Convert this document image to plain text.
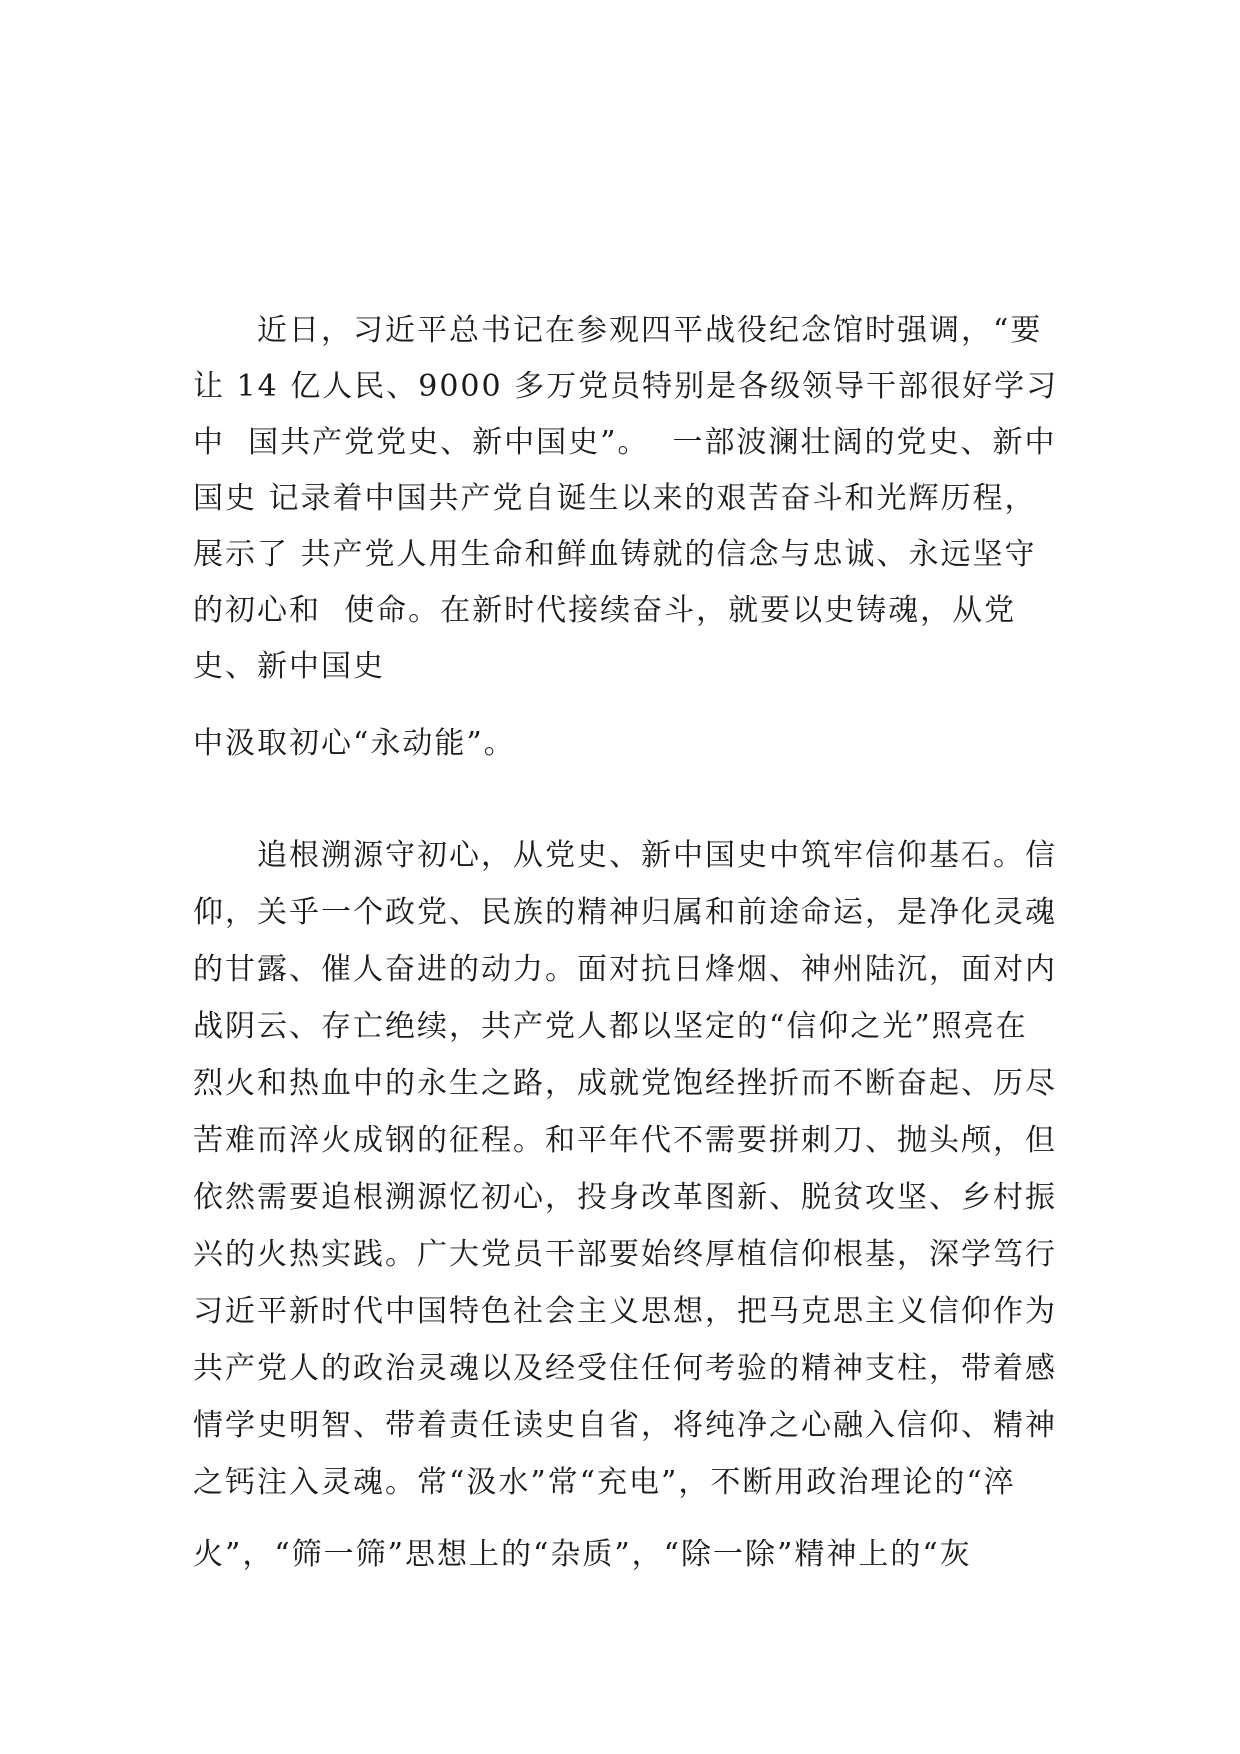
近日，习近平总书记在参观四平战役纪念馆时强调，“要
让 14 亿人民、9000 多万党员特别是各级领导干部很好学习
中  国共产党党史、新中国史”。  一部波澜壮阔的党史、新中
国史 记录着中国共产党自诞生以来的艰苦奋斗和光辉历程，
展示了 共产党人用生命和鲜血铸就的信念与忠诚、永远坚守
的初心和  使命。在新时代接续奋斗，就要以史铸魂，从党
史、新中国史
中汲取初心“永动能”。
追根溯源守初心，从党史、新中国史中筑牢信仰基石。信
仰，关乎一个政党、民族的精神归属和前途命运，是净化灵魂
的甘露、催人奋进的动力。面对抗日烽烟、神州陆沉，面对内
战阴云、存亡绝续，共产党人都以坚定的“信仰之光”照亮在
烈火和热血中的永生之路，成就党饱经挫折而不断奋起、历尽
苦难而淬火成钢的征程。和平年代不需要拼刺刀、抛头颅，但
依然需要追根溯源忆初心，投身改革图新、脱贫攻坚、乡村振
兴的火热实践。广大党员干部要始终厚植信仰根基，深学笃行
习近平新时代中国特色社会主义思想，把马克思主义信仰作为
共产党人的政治灵魂以及经受住任何考验的精神支柱，带着感
情学史明智、带着责任读史自省，将纯净之心融入信仰、精神
之钙注入灵魂。常“汲水”常“充电”，不断用政治理论的“淬
火”，“筛一筛”思想上的“杂质”，“除一除”精神上的“灰
